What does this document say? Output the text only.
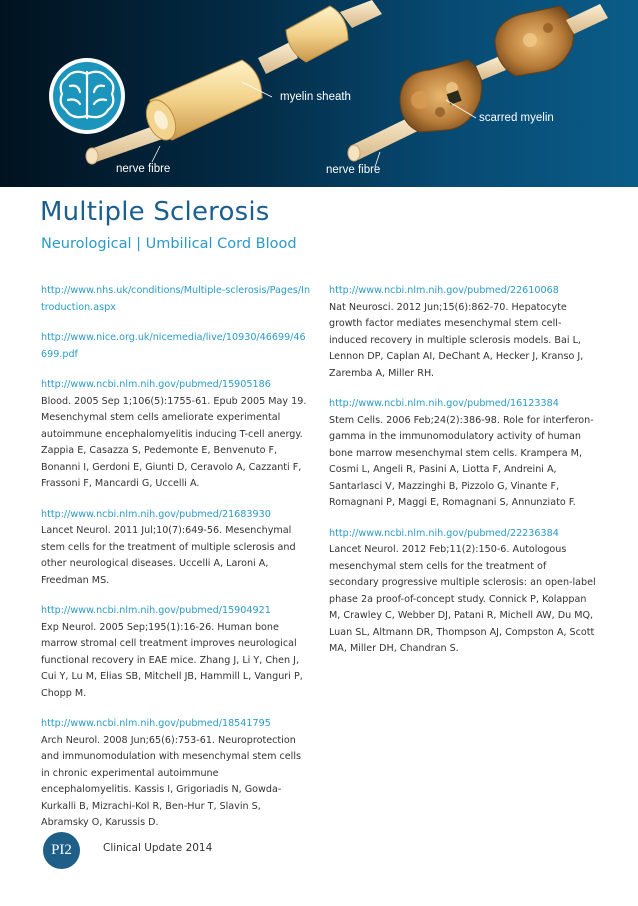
myelin sheath
scarred myelin
nerve fibre	nerve fibre
Multiple Sclerosis

Neurological | Umbilical Cord Blood

http://www.nhs.uk/conditions/Multiple-sclerosis/Pages/Introduction.aspx

http://www.nice.org.uk/nicemedia/live/10930/46699/46699.pdf

http://www.ncbi.nlm.nih.gov/pubmed/15905186
Blood. 2005 Sep 1;106(5):1755-61. Epub 2005 May 19. Mesenchymal stem cells ameliorate experimental autoimmune encephalomyelitis inducing T-cell anergy. Zappia E, Casazza S, Pedemonte E, Benvenuto F, Bonanni I, Gerdoni E, Giunti D, Ceravolo A, Cazzanti F, Frassoni F, Mancardi G, Uccelli A.

http://www.ncbi.nlm.nih.gov/pubmed/21683930
Lancet Neurol. 2011 Jul;10(7):649-56. Mesenchymal stem cells for the treatment of multiple sclerosis and other neurological diseases. Uccelli A, Laroni A, Freedman MS.

http://www.ncbi.nlm.nih.gov/pubmed/15904921
Exp Neurol. 2005 Sep;195(1):16-26. Human bone marrow stromal cell treatment improves neurological functional recovery in EAE mice. Zhang J, Li Y, Chen J, Cui Y, Lu M, Elias SB, Mitchell JB, Hammill L, Vanguri P, Chopp M.

http://www.ncbi.nlm.nih.gov/pubmed/18541795
Arch Neurol. 2008 Jun;65(6):753-61. Neuroprotection and immunomodulation with mesenchymal stem cells in chronic experimental autoimmune encephalomyelitis. Kassis I, Grigoriadis N, Gowda-Kurkalli B, Mizrachi-Kol R, Ben-Hur T, Slavin S, Abramsky O, Karussis D.

http://www.ncbi.nlm.nih.gov/pubmed/22610068
Nat Neurosci. 2012 Jun;15(6):862-70. Hepatocyte growth factor mediates mesenchymal stem cell-induced recovery in multiple sclerosis models. Bai L, Lennon DP, Caplan AI, DeChant A, Hecker J, Kranso J, Zaremba A, Miller RH.

http://www.ncbi.nlm.nih.gov/pubmed/16123384
Stem Cells. 2006 Feb;24(2):386-98. Role for interferon-gamma in the immunomodulatory activity of human bone marrow mesenchymal stem cells. Krampera M, Cosmi L, Angeli R, Pasini A, Liotta F, Andreini A, Santarlasci V, Mazzinghi B, Pizzolo G, Vinante F, Romagnani P, Maggi E, Romagnani S, Annunziato F.

http://www.ncbi.nlm.nih.gov/pubmed/22236384
Lancet Neurol. 2012 Feb;11(2):150-6. Autologous mesenchymal stem cells for the treatment of secondary progressive multiple sclerosis: an open-label phase 2a proof-of-concept study. Connick P, Kolappan M, Crawley C, Webber DJ, Patani R, Michell AW, Du MQ, Luan SL, Altmann DR, Thompson AJ, Compston A, Scott MA, Miller DH, Chandran S.

PI2	Clinical Update 2014
